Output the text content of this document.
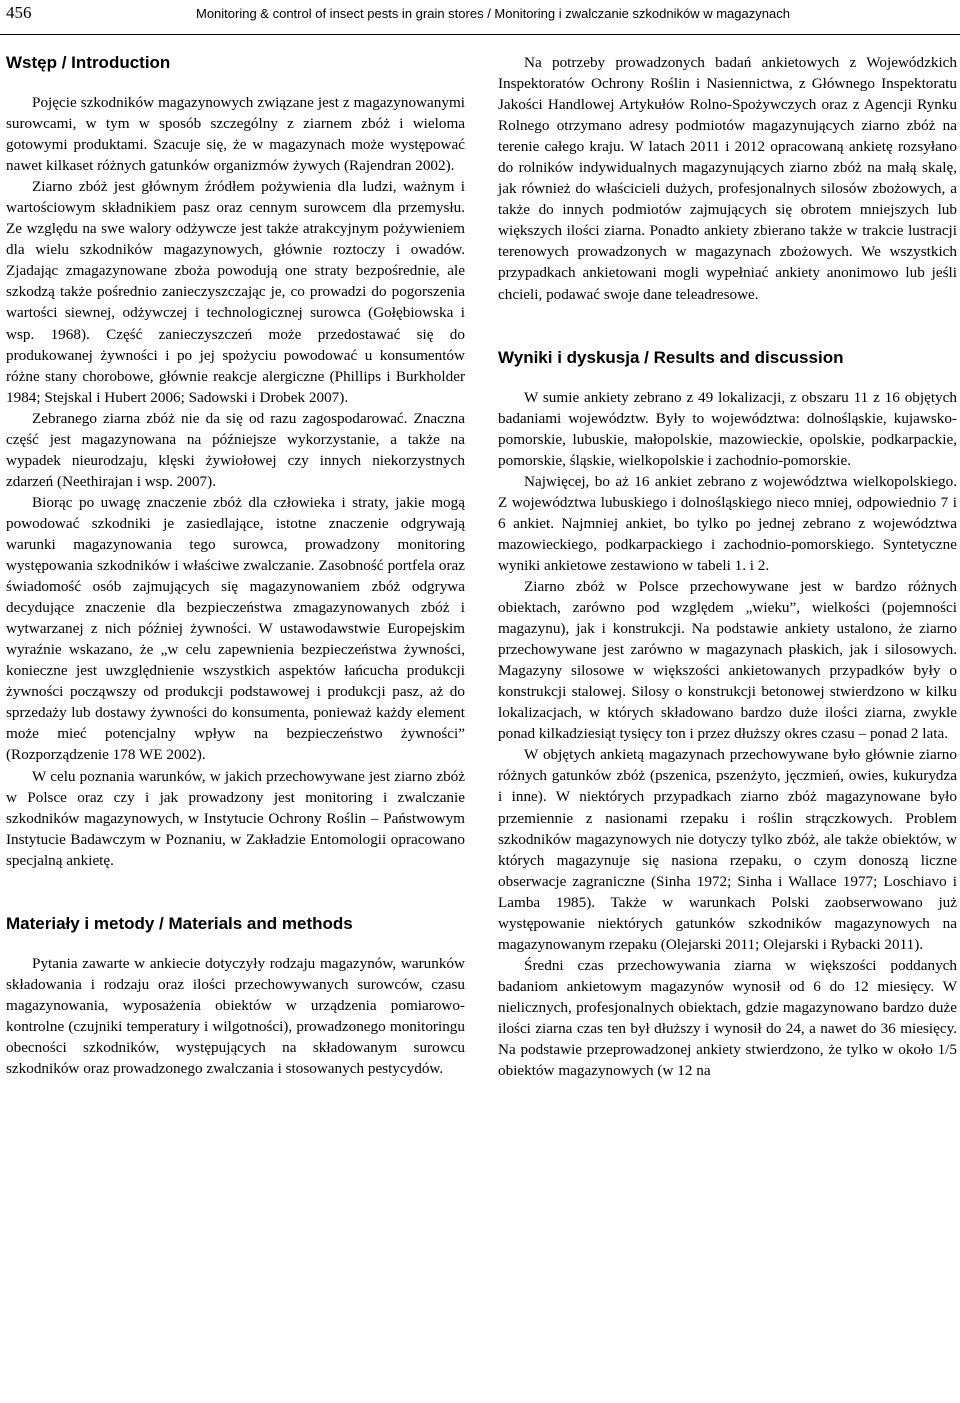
456	Monitoring & control of insect pests in grain stores / Monitoring i zwalczanie szkodników w magazynach
Wstęp / Introduction

Pojęcie szkodników magazynowych związane jest z magazynowanymi surowcami, w tym w sposób szczególny z ziarnem zbóż i wieloma gotowymi produktami. Szacuje się, że w magazynach może występować nawet kilkaset różnych gatunków organizmów żywych (Rajendran 2002).

Ziarno zbóż jest głównym źródłem pożywienia dla ludzi, ważnym i wartościowym składnikiem pasz oraz cennym surowcem dla przemysłu. Ze względu na swe walory odżywcze jest także atrakcyjnym pożywieniem dla wielu szkodników magazynowych, głównie roztoczy i owadów. Zjadając zmagazynowane zboża powodują one straty bezpośrednie, ale szkodzą także pośrednio zanieczyszczając je, co prowadzi do pogorszenia wartości siewnej, odżywczej i technologicznej surowca (Gołębiowska i wsp. 1968). Część zanieczyszczeń może przedostawać się do produkowanej żywności i po jej spożyciu powodować u konsumentów różne stany chorobowe, głównie reakcje alergiczne (Phillips i Burkholder 1984; Stejskal i Hubert 2006; Sadowski i Drobek 2007).

Zebranego ziarna zbóż nie da się od razu zagospodarować. Znaczna część jest magazynowana na późniejsze wykorzystanie, a także na wypadek nieurodzaju, klęski żywiołowej czy innych niekorzystnych zdarzeń (Neethirajan i wsp. 2007).

Biorąc po uwagę znaczenie zbóż dla człowieka i straty, jakie mogą powodować szkodniki je zasiedlające, istotne znaczenie odgrywają warunki magazynowania tego surowca, prowadzony monitoring występowania szkodników i właściwe zwalczanie. Zasobność portfela oraz świadomość osób zajmujących się magazynowaniem zbóż odgrywa decydujące znaczenie dla bezpieczeństwa zmagazynowanych zbóż i wytwarzanej z nich później żywności. W ustawodawstwie Europejskim wyraźnie wskazano, że „w celu zapewnienia bezpieczeństwa żywności, konieczne jest uwzględnienie wszystkich aspektów łańcucha produkcji żywności począwszy od produkcji podstawowej i produkcji pasz, aż do sprzedaży lub dostawy żywności do konsumenta, ponieważ każdy element może mieć potencjalny wpływ na bezpieczeństwo żywności” (Rozporządzenie 178 WE 2002).

W celu poznania warunków, w jakich przechowywane jest ziarno zbóż w Polsce oraz czy i jak prowadzony jest monitoring i zwalczanie szkodników magazynowych, w Instytucie Ochrony Roślin – Państwowym Instytucie Badawczym w Poznaniu, w Zakładzie Entomologii opracowano specjalną ankietę.

Materiały i metody / Materials and methods

Pytania zawarte w ankiecie dotyczyły rodzaju magazynów, warunków składowania i rodzaju oraz ilości przechowywanych surowców, czasu magazynowania, wyposażenia obiektów w urządzenia pomiarowo-kontrolne (czujniki temperatury i wilgotności), prowadzonego monitoringu obecności szkodników, występujących na składowanym surowcu szkodników oraz prowadzonego zwalczania i stosowanych pestycydów.

Na potrzeby prowadzonych badań ankietowych z Wojewódzkich Inspektoratów Ochrony Roślin i Nasiennictwa, z Głównego Inspektoratu Jakości Handlowej Artykułów Rolno-Spożywczych oraz z Agencji Rynku Rolnego otrzymano adresy podmiotów magazynujących ziarno zbóż na terenie całego kraju. W latach 2011 i 2012 opracowaną ankietę rozsyłano do rolników indywidualnych magazynujących ziarno zbóż na małą skalę, jak również do właścicieli dużych, profesjonalnych silosów zbożowych, a także do innych podmiotów zajmujących się obrotem mniejszych lub większych ilości ziarna. Ponadto ankiety zbierano także w trakcie lustracji terenowych prowadzonych w magazynach zbożowych. We wszystkich przypadkach ankietowani mogli wypełniać ankiety anonimowo lub jeśli chcieli, podawać swoje dane teleadresowe.

Wyniki i dyskusja / Results and discussion

W sumie ankiety zebrano z 49 lokalizacji, z obszaru 11 z 16 objętych badaniami województw. Były to województwa: dolnośląskie, kujawsko-pomorskie, lubuskie, małopolskie, mazowieckie, opolskie, podkarpackie, pomorskie, śląskie, wielkopolskie i zachodnio-pomorskie.

Najwięcej, bo aż 16 ankiet zebrano z województwa wielkopolskiego. Z województwa lubuskiego i dolnośląskiego nieco mniej, odpowiednio 7 i 6 ankiet. Najmniej ankiet, bo tylko po jednej zebrano z województwa mazowieckiego, podkarpackiego i zachodnio-pomorskiego. Syntetyczne wyniki ankietowe zestawiono w tabeli 1. i 2.

Ziarno zbóż w Polsce przechowywane jest w bardzo różnych obiektach, zarówno pod względem „wieku”, wielkości (pojemności magazynu), jak i konstrukcji. Na podstawie ankiety ustalono, że ziarno przechowywane jest zarówno w magazynach płaskich, jak i silosowych. Magazyny silosowe w większości ankietowanych przypadków były o konstrukcji stalowej. Silosy o konstrukcji betonowej stwierdzono w kilku lokalizacjach, w których składowano bardzo duże ilości ziarna, zwykle ponad kilkadziesiąt tysięcy ton i przez dłuższy okres czasu – ponad 2 lata.

W objętych ankietą magazynach przechowywane było głównie ziarno różnych gatunków zbóż (pszenica, pszenżyto, jęczmień, owies, kukurydza i inne). W niektórych przypadkach ziarno zbóż magazynowane było przemiennie z nasionami rzepaku i roślin strączkowych. Problem szkodników magazynowych nie dotyczy tylko zbóż, ale także obiektów, w których magazynuje się nasiona rzepaku, o czym donoszą liczne obserwacje zagraniczne (Sinha 1972; Sinha i Wallace 1977; Loschiavo i Lamba 1985). Także w warunkach Polski zaobserwowano już występowanie niektórych gatunków szkodników magazynowych na magazynowanym rzepaku (Olejarski 2011; Olejarski i Rybacki 2011).

Średni czas przechowywania ziarna w większości poddanych badaniom ankietowym magazynów wynosił od 6 do 12 miesięcy. W nielicznych, profesjonalnych obiektach, gdzie magazynowano bardzo duże ilości ziarna czas ten był dłuższy i wynosił do 24, a nawet do 36 miesięcy. Na podstawie przeprowadzonej ankiety stwierdzono, że tylko w około 1/5 obiektów magazynowych (w 12 na
